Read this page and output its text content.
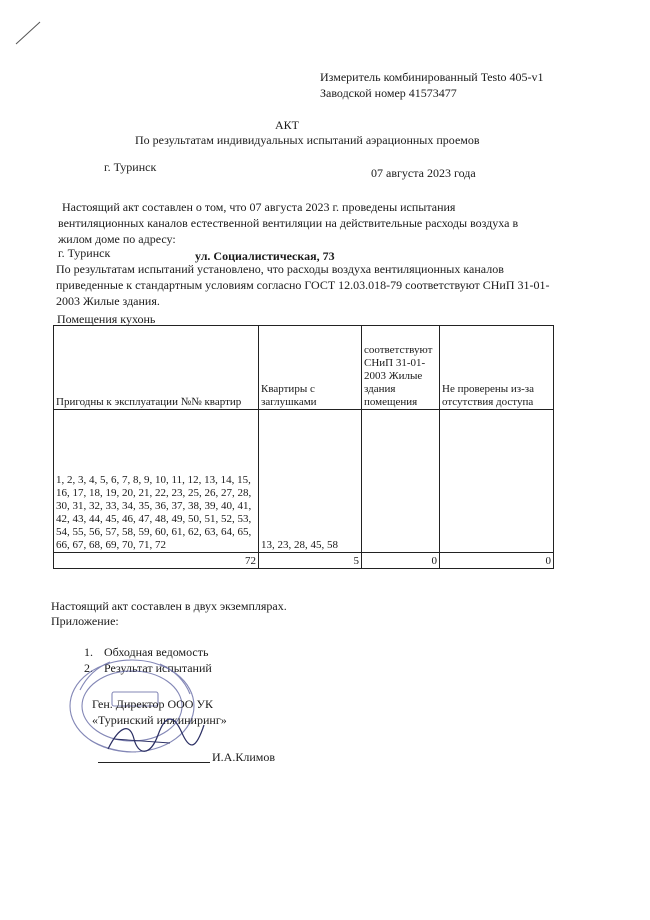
Измеритель комбинированный Testo 405-v1
Заводской номер 41573477
АКТ
По результатам индивидуальных испытаний аэрационных проемов
г. Туринск	07 августа 2023 года
Настоящий акт составлен о том, что 07 августа 2023 г. проведены испытания
вентиляционных каналов естественной вентиляции на действительные расходы воздуха в
жилом доме по адресу:
г. Туринск	ул. Социалистическая, 73
По результатам испытаний установлено, что расходы воздуха вентиляционных каналов
приведенные к стандартным условиям согласно ГОСТ 12.03.018-79 соответствуют СНиП 31-01-
2003 Жилые здания.
Помещения кухонь
Пригодны к эксплуатации №№ квартир	Квартиры с заглушками	соответствуют СНиП 31-01-2003 Жилые здания помещения	Не проверены из-за отсутствия доступа
1, 2, 3, 4, 5, 6, 7, 8, 9, 10, 11, 12, 13, 14, 15, 16, 17, 18, 19, 20, 21, 22, 23, 25, 26, 27, 28, 30, 31, 32, 33, 34, 35, 36, 37, 38, 39, 40, 41, 42, 43, 44, 45, 46, 47, 48, 49, 50, 51, 52, 53, 54, 55, 56, 57, 58, 59, 60, 61, 62, 63, 64, 65, 66, 67, 68, 69, 70, 71, 72	13, 23, 28, 45, 58		
72	5	0	0
Настоящий акт составлен в двух экземплярах.
Приложение:
1. Обходная ведомость
2. Результат испытаний
Ген. Директор ООО УК
«Туринский инжиниринг»
И.А.Климов
